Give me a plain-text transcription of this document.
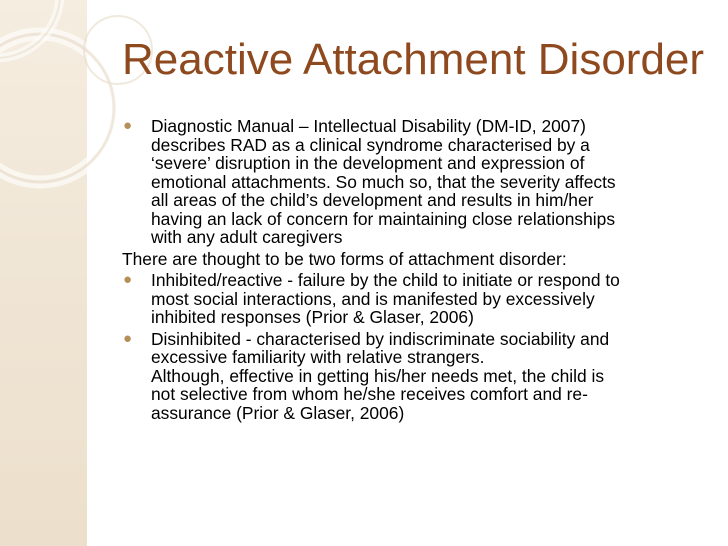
Reactive Attachment Disorder
●	Diagnostic Manual – Intellectual Disability (DM-ID, 2007)
describes RAD as a clinical syndrome characterised by a
‘severe’ disruption in the development and expression of
emotional attachments. So much so, that the severity affects
all areas of the child’s development and results in him/her
having an lack of concern for maintaining close relationships
with any adult caregivers
There are thought to be two forms of attachment disorder:
●	Inhibited/reactive - failure by the child to initiate or respond to
most social interactions, and is manifested by excessively
inhibited responses (Prior & Glaser, 2006)
●	Disinhibited - characterised by indiscriminate sociability and
excessive familiarity with relative strangers.
Although, effective in getting his/her needs met, the child is
not selective from whom he/she receives comfort and re-
assurance (Prior & Glaser, 2006)
